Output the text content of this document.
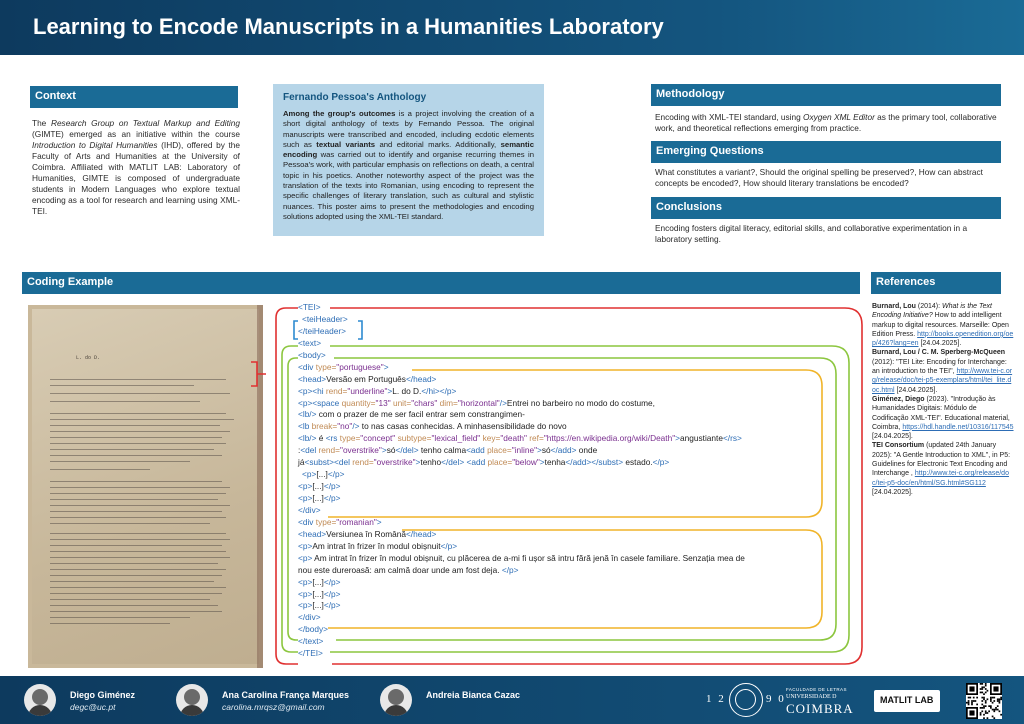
Learning to Encode Manuscripts in a Humanities Laboratory
Context
The Research Group on Textual Markup and Editing (GIMTE) emerged as an initiative within the course Introduction to Digital Humanities (IHD), offered by the Faculty of Arts and Humanities at the University of Coimbra. Affiliated with MATLIT LAB: Laboratory of Humanities, GIMTE is composed of undergraduate students in Modern Languages who explore textual encoding as a tool for research and learning using XML-TEI.
Fernando Pessoa's Anthology

Among the group's outcomes is a project involving the creation of a short digital anthology of texts by Fernando Pessoa. The original manuscripts were transcribed and encoded, including ecdotic elements such as textual variants and editorial marks. Additionally, semantic encoding was carried out to identify and organise recurring themes in Pessoa's work, with particular emphasis on reflections on death, a central topic in his poetics. Another noteworthy aspect of the project was the translation of the texts into Romanian, using encoding to represent the specific challenges of literary translation, such as cultural and stylistic nuances. This poster aims to present the methodologies and encoding solutions adopted using the XML-TEI standard.

Methodology
Encoding with XML-TEI standard, using Oxygen XML Editor as the primary tool, collaborative work, and theoretical reflections emerging from practice.
Emerging Questions
What constitutes a variant?, Should the original spelling be preserved?, How can abstract concepts be encoded?, How should literary translations be encoded?
Conclusions
Encoding fosters digital literacy, editorial skills, and collaborative experimentation in a laboratory setting.
Coding Example	References
L. do D.
<TEI>
<teiHeader>
</teiHeader>
<text>
<body>
<div type="portuguese">
<head>Versão em Português</head>
<p><hi rend="underline">L. do D.</hi></p>
<p><space quantity="13" unit="chars" dim="horizontal"/>Entrei no barbeiro no modo do costume,
<lb/> com o prazer de me ser facil entrar sem constrangimen-
<lb break="no"/> to nas casas conhecidas. A minhasensibilidade do novo
<lb/> é <rs type="concept" subtype="lexical_field" key="death" ref="https://en.wikipedia.org/wiki/Death">angustiante</rs>
:<del rend="overstrike">só</del> tenho calma<add place="inline">só</add> onde
já<subst><del rend="overstrike">tenho</del> <add place="below">tenha</add></subst> estado.</p>
<p>[...]</p>
<p>[...]</p>
<p>[...]</p>
</div>
<div type="romanian">
<head>Versiunea în Română</head>
<p>Am intrat în frizer în modul obișnuit</p>
<p> Am intrat în frizer în modul obișnuit, cu plăcerea de a-mi fi ușor să intru fără jenă în casele familiare. Senzația mea de
nou este dureroasă: am calmă doar unde am fost deja. </p>
<p>[...]</p>
<p>[...]</p>
<p>[...]</p>
</div>
</body>
</text>
</TEI>
Burnard, Lou (2014): What is the Text Encoding Initiative? How to add intelligent markup to digital resources. Marseille: Open Edition Press. http://books.openedition.org/oep/426?lang=en [24.04.2025].
Burnard, Lou / C. M. Sperberg-McQueen (2012): "TEI Lite: Encoding for Interchange: an introduction to the TEI", http://www.tei-c.org/release/doc/tei-p5-exemplars/html/tei_lite.doc.html [24.04.2025].
Giménez, Diego (2023). "Introdução às Humanidades Digitais: Módulo de Codificação XML-TEI". Educational material, Coimbra, https://hdl.handle.net/10316/117545 [24.04.2025].
TEI Consortium (updated 24th January 2025): "A Gentle Introduction to XML", in P5: Guidelines for Electronic Text Encoding and Interchange , http://www.tei-c.org/release/doc/tei-p5-doc/en/html/SG.html#SG112 [24.04.2025].
Diego Giménez
degc@uc.pt
Ana Carolina França Marques
carolina.mrqsz@gmail.com
Andreia Bianca Cazac	1 2	9 0
FACULDADE DE LETRAS
UNIVERSIDADE D
COIMBRA
MATLIT LAB
